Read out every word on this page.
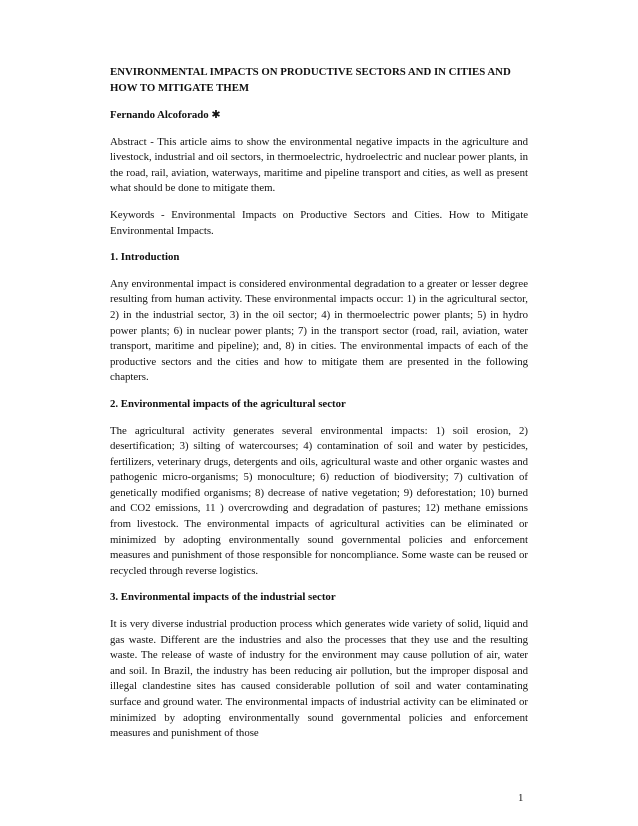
ENVIRONMENTAL IMPACTS ON PRODUCTIVE SECTORS AND IN CITIES AND HOW TO MITIGATE THEM

Fernando Alcoforado ✱

Abstract - This article aims to show the environmental negative impacts in the agriculture and livestock, industrial and oil sectors, in thermoelectric, hydroelectric and nuclear power plants, in the road, rail, aviation, waterways, maritime and pipeline transport and cities, as well as present what should be done to mitigate them.

Keywords - Environmental Impacts on Productive Sectors and Cities. How to Mitigate Environmental Impacts.

1. Introduction

Any environmental impact is considered environmental degradation to a greater or lesser degree resulting from human activity. These environmental impacts occur: 1) in the agricultural sector, 2) in the industrial sector, 3) in the oil sector; 4) in thermoelectric power plants; 5) in hydro power plants; 6) in nuclear power plants; 7) in the transport sector (road, rail, aviation, water transport, maritime and pipeline); and, 8) in cities. The environmental impacts of each of the productive sectors and the cities and how to mitigate them are presented in the following chapters.

2. Environmental impacts of the agricultural sector

The agricultural activity generates several environmental impacts: 1) soil erosion, 2) desertification; 3) silting of watercourses; 4) contamination of soil and water by pesticides, fertilizers, veterinary drugs, detergents and oils, agricultural waste and other organic wastes and pathogenic micro-organisms; 5) monoculture; 6) reduction of biodiversity; 7) cultivation of genetically modified organisms; 8) decrease of native vegetation; 9) deforestation; 10) burned and CO2 emissions, 11 ) overcrowding and degradation of pastures; 12) methane emissions from livestock. The environmental impacts of agricultural activities can be eliminated or minimized by adopting environmentally sound governmental policies and enforcement measures and punishment of those responsible for noncompliance. Some waste can be reused or recycled through reverse logistics.

3. Environmental impacts of the industrial sector

It is very diverse industrial production process which generates wide variety of solid, liquid and gas waste. Different are the industries and also the processes that they use and the resulting waste. The release of waste of industry for the environment may cause pollution of air, water and soil. In Brazil, the industry has been reducing air pollution, but the improper disposal and illegal clandestine sites has caused considerable pollution of soil and water contaminating surface and ground water. The environmental impacts of industrial activity can be eliminated or minimized by adopting environmentally sound governmental policies and enforcement measures and punishment of those

1
